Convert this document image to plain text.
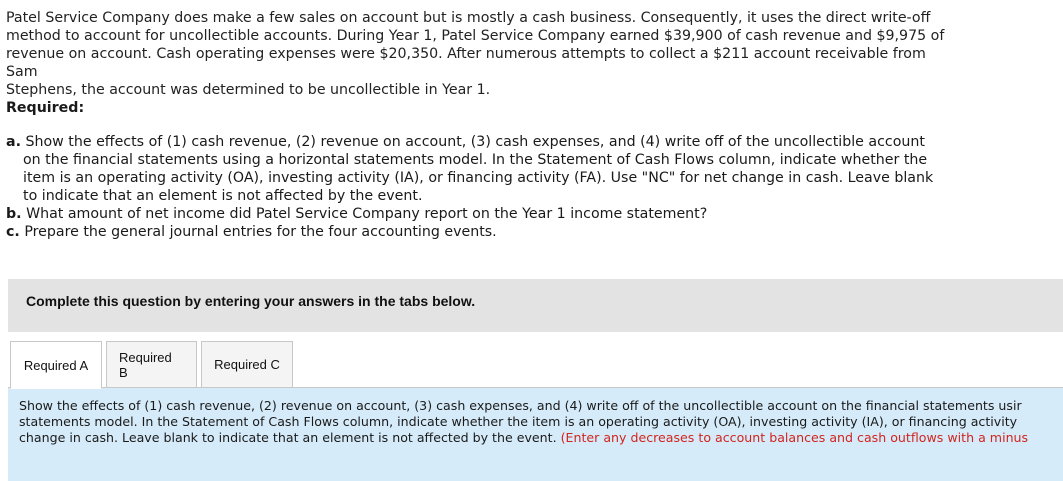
Patel Service Company does make a few sales on account but is mostly a cash business. Consequently, it uses the direct write-off

method to account for uncollectible accounts. During Year 1, Patel Service Company earned $39,900 of cash revenue and $9,975 of

revenue on account. Cash operating expenses were $20,350. After numerous attempts to collect a $211 account receivable from Sam

Stephens, the account was determined to be uncollectible in Year 1.

Required:
a. Show the effects of (1) cash revenue, (2) revenue on account, (3) cash expenses, and (4) write off of the uncollectible account on the financial statements using a horizontal statements model. In the Statement of Cash Flows column, indicate whether the item is an operating activity (OA), investing activity (IA), or financing activity (FA). Use "NC" for net change in cash. Leave blank to indicate that an element is not affected by the event.
b. What amount of net income did Patel Service Company report on the Year 1 income statement?
c. Prepare the general journal entries for the four accounting events.
Complete this question by entering your answers in the tabs below.
Required A
Required B	Required C
Show the effects of (1) cash revenue, (2) revenue on account, (3) cash expenses, and (4) write off of the uncollectible account on the financial statements usir
statements model. In the Statement of Cash Flows column, indicate whether the item is an operating activity (OA), investing activity (IA), or financing activity
change in cash. Leave blank to indicate that an element is not affected by the event. (Enter any decreases to account balances and cash outflows with a minus
